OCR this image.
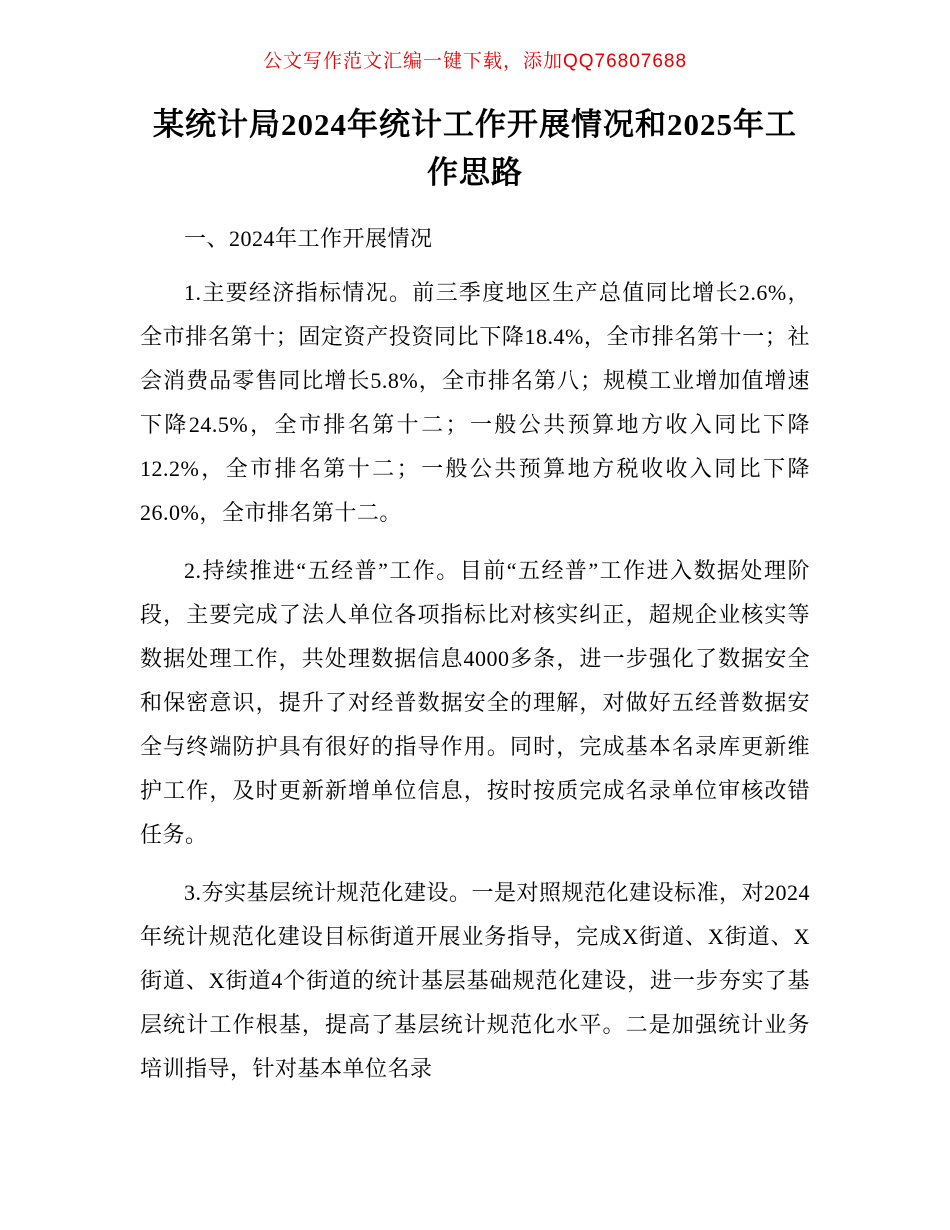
公文写作范文汇编一键下载，添加QQ76807688

某统计局2024年统计工作开展情况和2025年工作思路

一、2024年工作开展情况

1.主要经济指标情况。前三季度地区生产总值同比增长2.6%，全市排名第十；固定资产投资同比下降18.4%，全市排名第十一；社会消费品零售同比增长5.8%，全市排名第八；规模工业增加值增速下降24.5%，全市排名第十二；一般公共预算地方收入同比下降12.2%，全市排名第十二；一般公共预算地方税收收入同比下降26.0%，全市排名第十二。

2.持续推进“五经普”工作。目前“五经普”工作进入数据处理阶段，主要完成了法人单位各项指标比对核实纠正，超规企业核实等数据处理工作，共处理数据信息4000多条，进一步强化了数据安全和保密意识，提升了对经普数据安全的理解，对做好五经普数据安全与终端防护具有很好的指导作用。同时，完成基本名录库更新维护工作，及时更新新增单位信息，按时按质完成名录单位审核改错任务。

3.夯实基层统计规范化建设。一是对照规范化建设标准，对2024年统计规范化建设目标街道开展业务指导，完成X街道、X街道、X街道、X街道4个街道的统计基层基础规范化建设，进一步夯实了基层统计工作根基，提高了基层统计规范化水平。二是加强统计业务培训指导，针对基本单位名录
